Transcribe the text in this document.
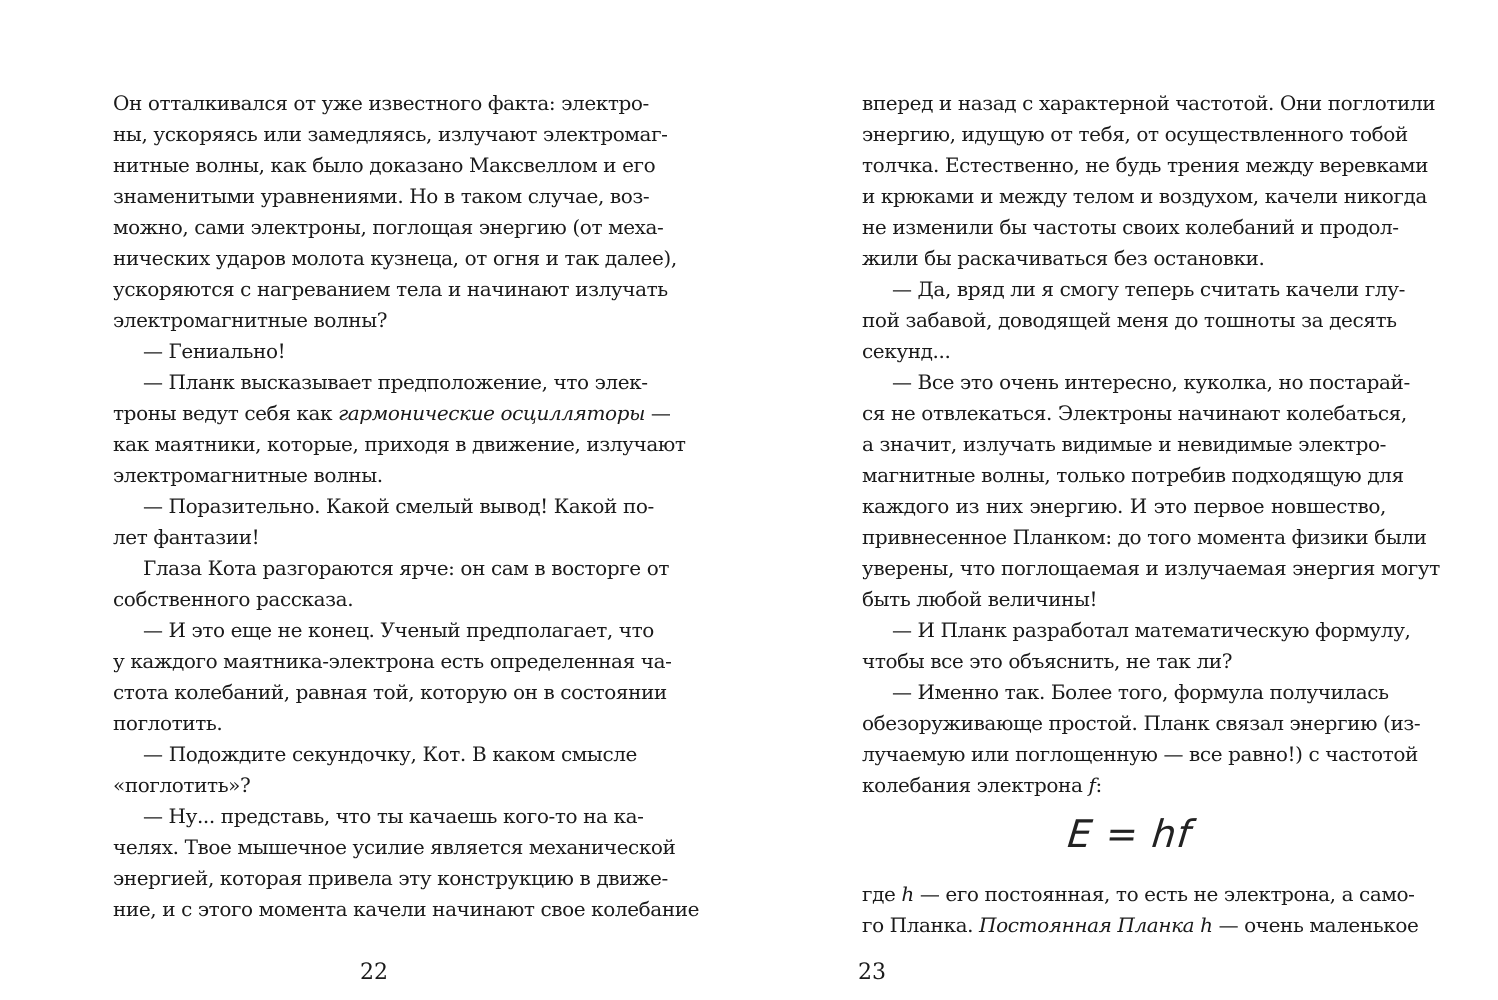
Он отталкивался от уже известного факта: электро-
ны, ускоряясь или замедляясь, излучают электромаг-
нитные волны, как было доказано Максвеллом и его
знаменитыми уравнениями. Но в таком случае, воз-
можно, сами электроны, поглощая энергию (от меха-
нических ударов молота кузнеца, от огня и так далее),
ускоряются с нагреванием тела и начинают излучать
электромагнитные волны?
— Гениально!
— Планк высказывает предположение, что элек-
троны ведут себя как гармонические осцилляторы —
как маятники, которые, приходя в движение, излучают
электромагнитные волны.
— Поразительно. Какой смелый вывод! Какой по-
лет фантазии!
Глаза Кота разгораются ярче: он сам в восторге от
собственного рассказа.
— И это еще не конец. Ученый предполагает, что
у каждого маятника-электрона есть определенная ча-
стота колебаний, равная той, которую он в состоянии
поглотить.
— Подождите секундочку, Кот. В каком смысле
«поглотить»?
— Ну... представь, что ты качаешь кого-то на ка-
челях. Твое мышечное усилие является механической
энергией, которая привела эту конструкцию в движе-
ние, и с этого момента качели начинают свое колебание
22
вперед и назад с характерной частотой. Они поглотили
энергию, идущую от тебя, от осуществленного тобой
толчка. Естественно, не будь трения между веревками
и крюками и между телом и воздухом, качели никогда
не изменили бы частоты своих колебаний и продол-
жили бы раскачиваться без остановки.
— Да, вряд ли я смогу теперь считать качели глу-
пой забавой, доводящей меня до тошноты за десять
секунд...
— Все это очень интересно, куколка, но постарай-
ся не отвлекаться. Электроны начинают колебаться,
а значит, излучать видимые и невидимые электро-
магнитные волны, только потребив подходящую для
каждого из них энергию. И это первое новшество,
привнесенное Планком: до того момента физики были
уверены, что поглощаемая и излучаемая энергия могут
быть любой величины!
— И Планк разработал математическую формулу,
чтобы все это объяснить, не так ли?
— Именно так. Более того, формула получилась
обезоруживающе простой. Планк связал энергию (из-
лучаемую или поглощенную — все равно!) с частотой
колебания электрона f:
E = hf
где h — его постоянная, то есть не электрона, а само-
го Планка. Постоянная Планка h — очень маленькое
23
